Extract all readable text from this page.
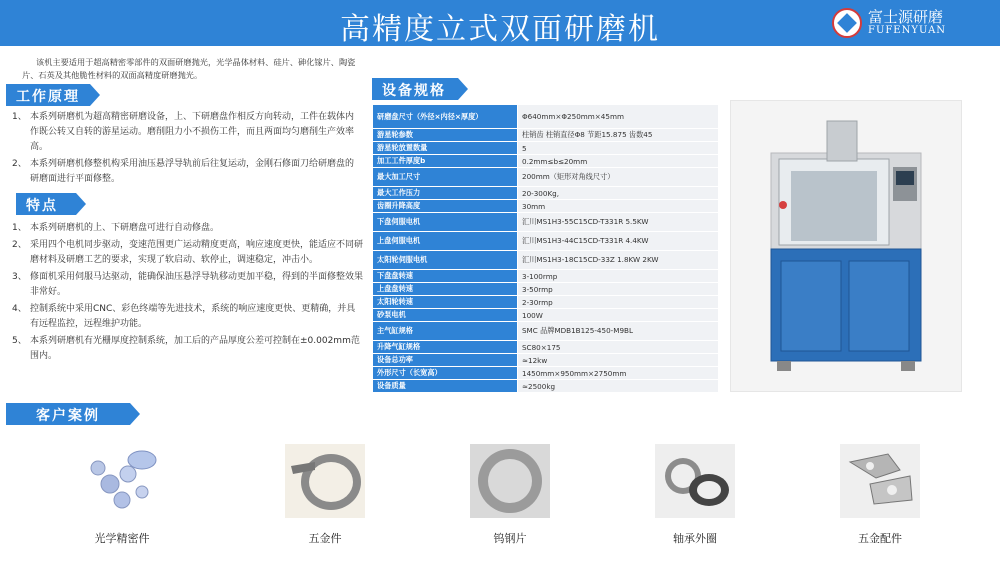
高精度立式双面研磨机	富士源研磨
FUFENYUAN
该机主要适用于超高精密零部件的双面研磨抛光，光学晶体材料、硅片、砷化镓片、陶瓷片、石英及其他脆性材料的双面高精度研磨抛光。
工作原理
特点
设备规格
客户案例
1、 本系列研磨机为超高精密研磨设备，上、下研磨盘作相反方向转动，工件在载体内作既公转又自转的游星运动。磨削阻力小不损伤工件，而且两面均匀磨削生产效率高。
2、 本系列研磨机修整机构采用油压悬浮导轨前后往复运动，金刚石修面刀给研磨盘的研磨面进行平面修整。
1、 本系列研磨机的上、下研磨盘可进行自动修盘。
2、 采用四个电机同步驱动，变速范围更广运动精度更高，响应速度更快，能适应不同研磨材料及研磨工艺的要求，实现了软启动、软停止，调速稳定，冲击小。
3、 修面机采用伺服马达驱动，能确保油压悬浮导轨移动更加平稳，得到的半面修整效果非常好。
4、 控制系统中采用CNC、彩色终端等先进技术，系统的响应速度更快、更精确，并具有远程监控，远程维护功能。
5、 本系列研磨机有光栅厚度控制系统，加工后的产品厚度公差可控制在±0.002mm范围内。
研磨盘尺寸（外径×内径×厚度）	Φ640mm×Φ250mm×45mm
游星轮参数	柱销齿 柱销直径Φ8 节距15.875 齿数45
游星轮放置数量	5
加工工件厚度b	0.2mm≤b≤20mm
最大加工尺寸	200mm（矩形对角线尺寸）
最大工作压力	20-300Kg,
齿圈升降高度	30mm
下盘伺服电机	汇川MS1H3-55C15CD-T331R 5.5KW
上盘伺服电机	汇川MS1H3-44C15CD-T331R 4.4KW
太阳轮伺服电机	汇川MS1H3-18C15CD-33Z 1.8KW 2KW
下盘盘转速	3-100rmp
上盘盘转速	3-50rmp
太阳轮转速	2-30rmp
砂泵电机	100W
主气缸规格	SMC 品牌MDB1B125-450-M9BL
升降气缸规格	SC80×175
设备总功率	≈12kw
外形尺寸（长宽高）	1450mm×950mm×2750mm
设备质量	≈2500kg
光学精密件	五金件	钨钢片	轴承外圈	五金配件
